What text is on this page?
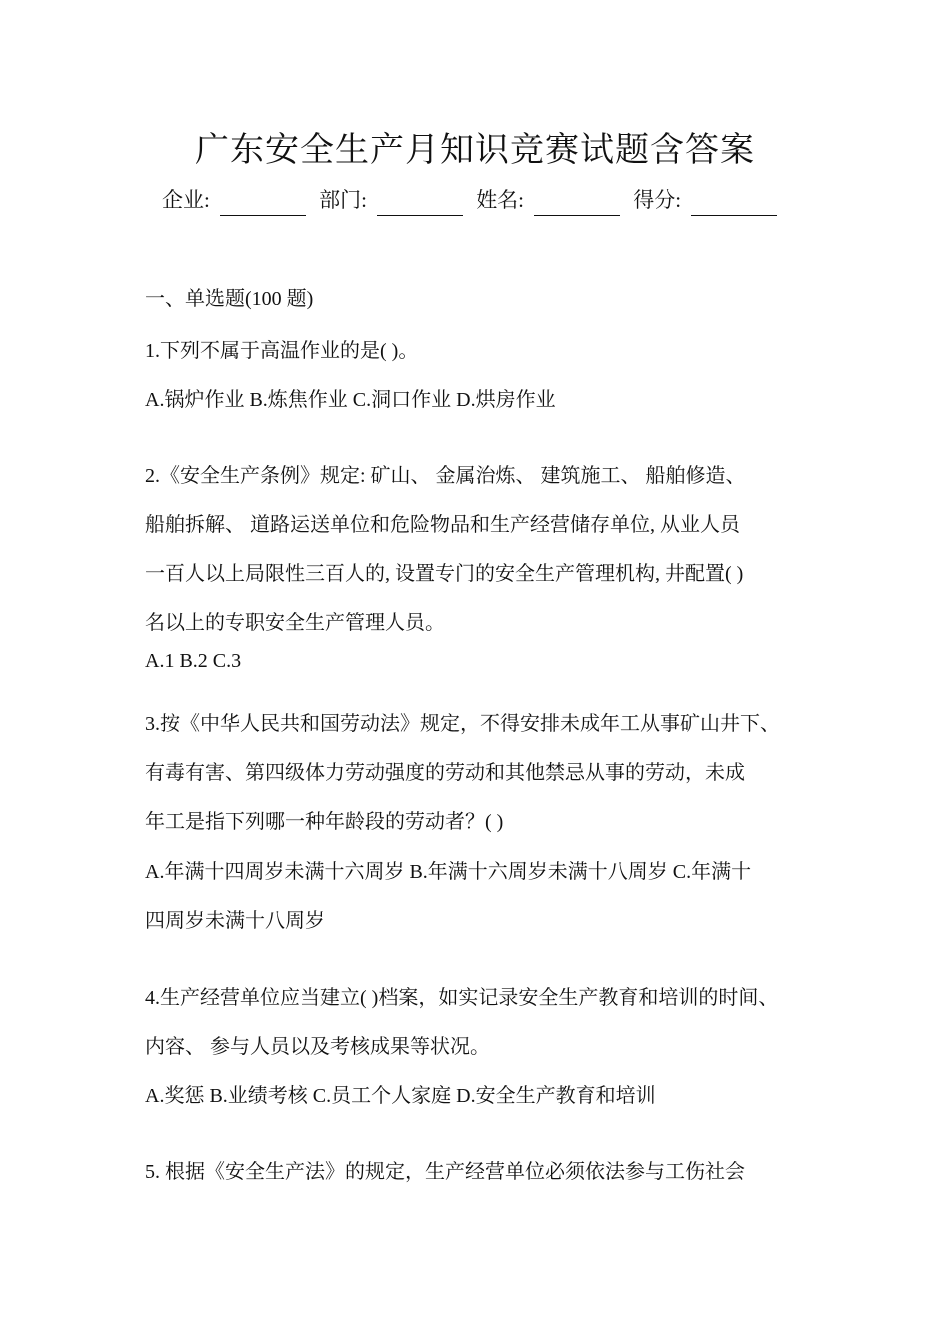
广东安全生产月知识竞赛试题含答案
企业:	部门:	姓名:	得分:
一、单选题(100 题)
1.下列不属于高温作业的是( )。
A.锅炉作业 B.炼焦作业 C.洞口作业 D.烘房作业
2.《安全生产条例》规定: 矿山、 金属治炼、 建筑施工、 船舶修造、
船舶拆解、 道路运送单位和危险物品和生产经营储存单位, 从业人员
一百人以上局限性三百人的, 设置专门的安全生产管理机构, 井配置( )
名以上的专职安全生产管理人员。
A.1 B.2 C.3
3.按《中华人民共和国劳动法》规定，不得安排未成年工从事矿山井下、
有毒有害、第四级体力劳动强度的劳动和其他禁忌从事的劳动，未成
年工是指下列哪一种年龄段的劳动者？( )
A.年满十四周岁未满十六周岁 B.年满十六周岁未满十八周岁 C.年满十
四周岁未满十八周岁
4.生产经营单位应当建立( )档案，如实记录安全生产教育和培训的时间、
内容、 参与人员以及考核成果等状况。
A.奖惩 B.业绩考核 C.员工个人家庭 D.安全生产教育和培训
5. 根据《安全生产法》的规定，生产经营单位必须依法参与工伤社会
